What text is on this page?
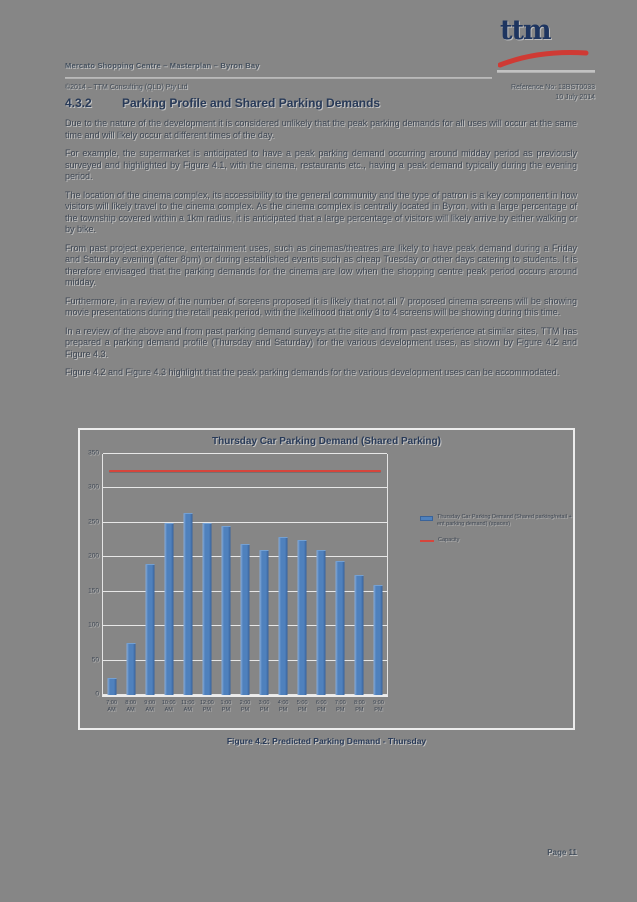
Mercato Shopping Centre – Masterplan – Byron Bay
©2014 – TTM Consulting (QLD) Pty Ltd	Reference No: 13BST0033
10 July 2014
ttm
4.3.2	Parking Profile and Shared Parking Demands

Due to the nature of the development it is considered unlikely that the peak parking demands for all uses will occur at the same time and will likely occur at different times of the day.

For example, the supermarket is anticipated to have a peak parking demand occurring around midday period as previously surveyed and highlighted by Figure 4.1, with the cinema, restaurants etc., having a peak demand typically during the evening period.

The location of the cinema complex, its accessibility to the general community and the type of patron is a key component in how visitors will likely travel to the cinema complex. As the cinema complex is centrally located in Byron, with a large percentage of the township covered within a 1km radius, it is anticipated that a large percentage of visitors will likely arrive by either walking or by bike.

From past project experience, entertainment uses, such as cinemas/theatres are likely to have peak demand during a Friday and Saturday evening (after 8pm) or during established events such as cheap Tuesday or other days catering to students. It is therefore envisaged that the parking demands for the cinema are low when the shopping centre peak period occurs around midday.

Furthermore, in a review of the number of screens proposed it is likely that not all 7 proposed cinema screens will be showing movie presentations during the retail peak period, with the likelihood that only 3 to 4 screens will be showing during this time.

In a review of the above and from past parking demand surveys at the site and from past experience at similar sites, TTM has prepared a parking demand profile (Thursday and Saturday) for the various development uses, as shown by Figure 4.2 and Figure 4.3.

Figure 4.2 and Figure 4.3 highlight that the peak parking demands for the various development uses can be accommodated.

Thursday Car Parking Demand (Shared Parking)
0
50
100
150
200
250
300
350
7:00
AM
8:00
AM
9:00
AM
10:00
AM
11:00
AM
12:00
PM
1:00
PM
2:00
PM
3:00
PM
4:00
PM
5:00
PM
6:00
PM
7:00
PM
8:00
PM
9:00
PM
Thursday Car Parking Demand (Shared parking/retail + ent parking demand) (spaces)
Capacity
Figure 4.2: Predicted Parking Demand - Thursday
Page 11
